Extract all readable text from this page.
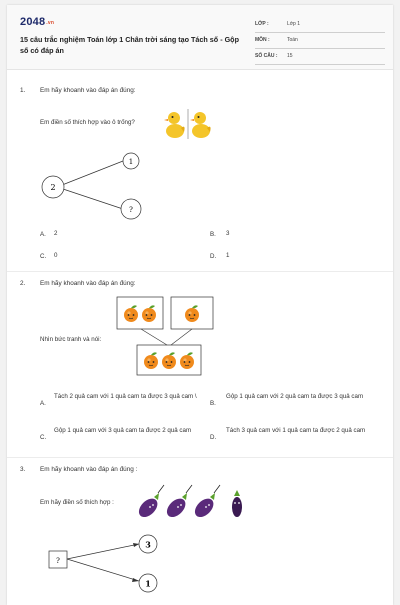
2048.vn
15 câu trắc nghiệm Toán lớp 1 Chân trời sáng tạo Tách số - Gộp số có đáp án
LỚP :	Lớp 1
MÔN :	Toán
SỐ CÂU : 15
1. Em hãy khoanh vào đáp án đúng:
Em điền số thích hợp vào ô trống?
2
1
?
A. 2	B. 3
C. 0	D. 1
2. Em hãy khoanh vào đáp án đúng:
Nhìn bức tranh và nói:
A.
Tách 2 quả cam với 1 quả cam ta được 3 quả cam \
B.
Gộp 1 quả cam với 2 quả cam ta được 3 quả cam
C.
Gộp 1 quả cam với 3 quả cam ta được 2 quả cam
D.
Tách 3 quả cam với 1 quả cam ta được 2 quả cam
3. Em hãy khoanh vào đáp án đúng :
Em hãy điền số thích hợp :
?
3
1
